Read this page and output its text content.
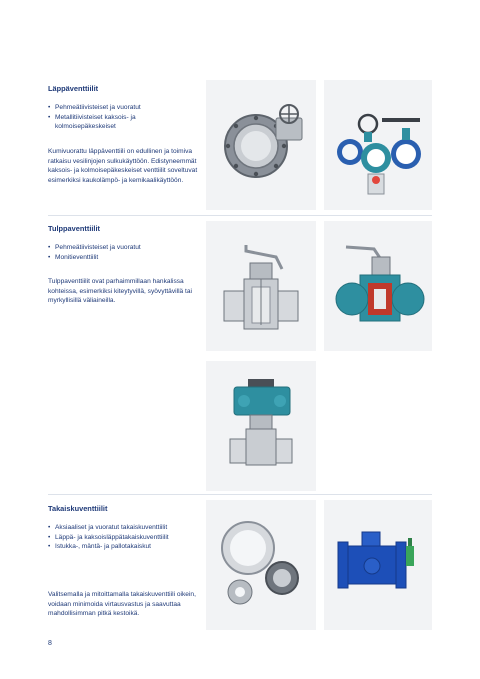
Läppäventtiilit
• Pehmeätiivisteiset ja vuoratut
• Metallitiivisteiset kaksois- ja kolmoisepäkeskeiset

Kumivuorattu läppäventtiili on edullinen ja toimiva ratkaisu vesilinjojen sulkukäyttöön. Edistyneemmät kaksois- ja kolmoisepäkeskeiset venttiilit soveltuvat esimerkiksi kaukolämpö- ja kemikaalikäyttöön.

Tulppaventtiilit
• Pehmeätiivisteiset ja vuoratut
• Monitieventtiilit

Tulppaventtiilit ovat parhaimmillaan hankalissa kohteissa, esimerkiksi kiteytyvillä, syövyttävillä tai myrkyllisillä väliaineilla.

Takaiskuventtiilit
• Aksiaaliset ja vuoratut takaiskuventtiilit
• Läppä- ja kaksoisläppätakaiskuventtiilit
• Istukka-, mäntä- ja pallotakaiskut

Valitsemalla ja mitoittamalla takaiskuventtiili oikein, voidaan minimoida virtausvastus ja saavuttaa mahdollisimman pitkä kestoikä.

8
